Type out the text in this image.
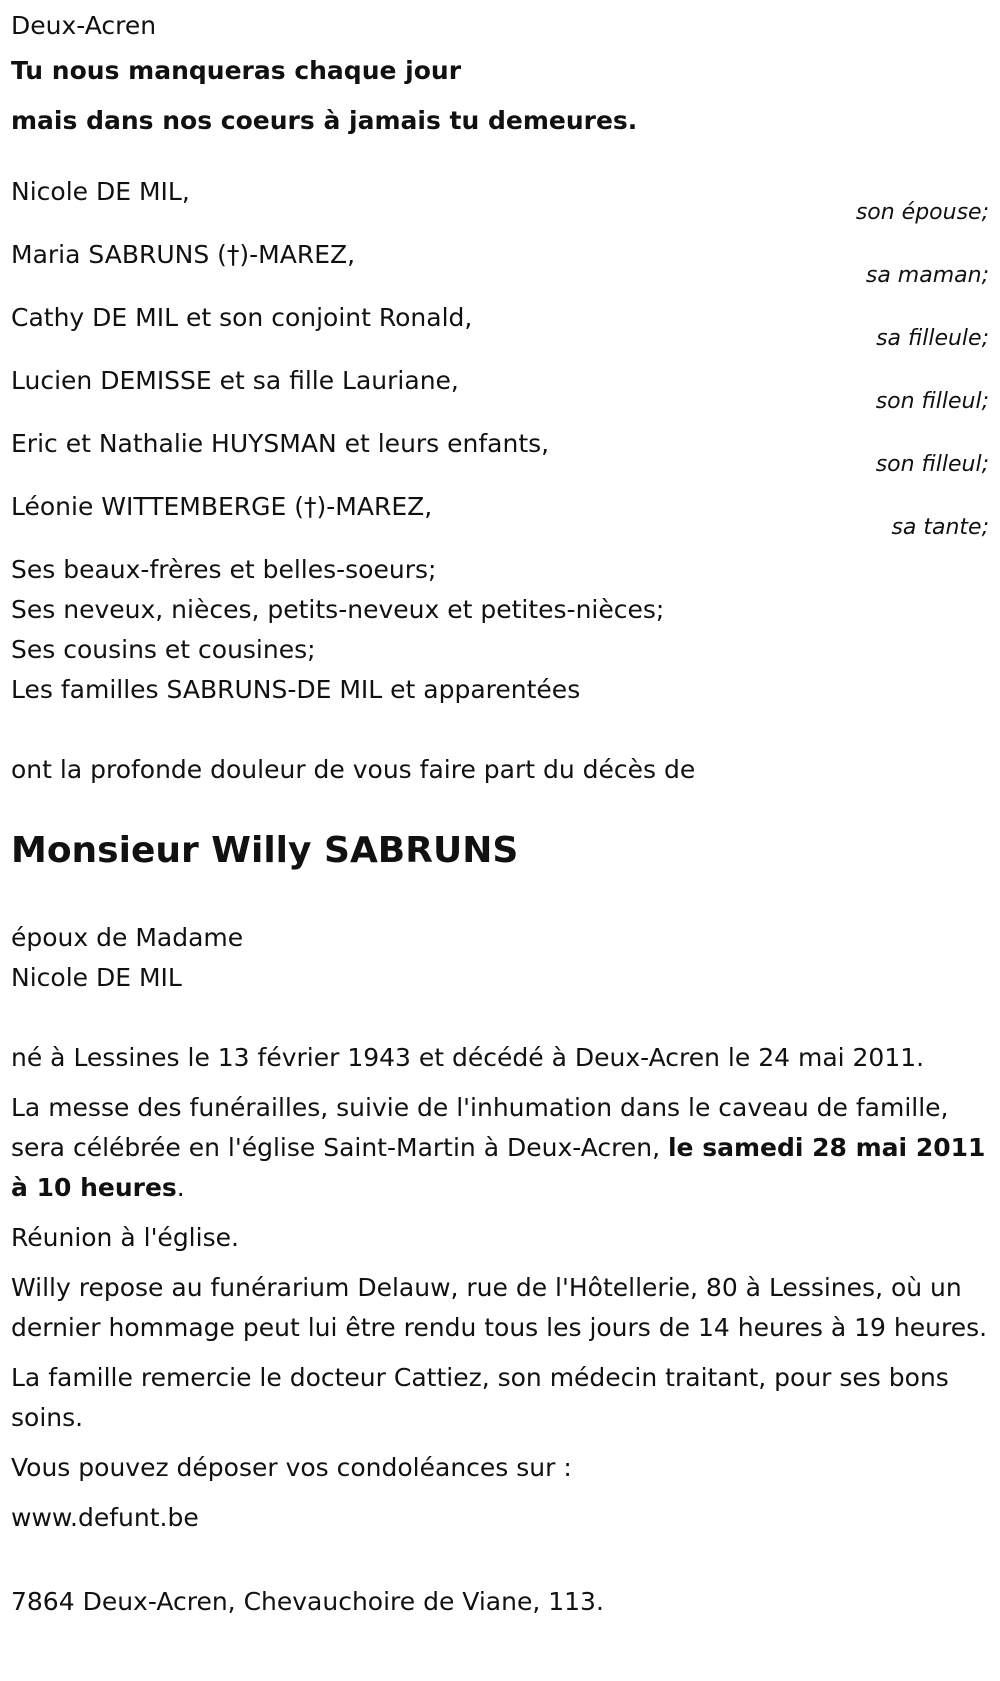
Deux-Acren
Tu nous manqueras chaque jour
mais dans nos coeurs à jamais tu demeures.
Nicole DE MIL,
son épouse;
Maria SABRUNS (†)-MAREZ,
sa maman;
Cathy DE MIL et son conjoint Ronald,
sa filleule;
Lucien DEMISSE et sa fille Lauriane,
son filleul;
Eric et Nathalie HUYSMAN et leurs enfants,
son filleul;
Léonie WITTEMBERGE (†)-MAREZ,
sa tante;
Ses beaux-frères et belles-soeurs;
Ses neveux, nièces, petits-neveux et petites-nièces;
Ses cousins et cousines;
Les familles SABRUNS-DE MIL et apparentées
ont la profonde douleur de vous faire part du décès de
Monsieur Willy SABRUNS
époux de Madame
Nicole DE MIL

né à Lessines le 13 février 1943 et décédé à Deux-Acren le 24 mai 2011.

La messe des funérailles, suivie de l'inhumation dans le caveau de famille, sera célébrée en l'église Saint-Martin à Deux-Acren, le samedi 28 mai 2011 à 10 heures.

Réunion à l'église.

Willy repose au funérarium Delauw, rue de l'Hôtellerie, 80 à Lessines, où un dernier hommage peut lui être rendu tous les jours de 14 heures à 19 heures.

La famille remercie le docteur Cattiez, son médecin traitant, pour ses bons soins.

Vous pouvez déposer vos condoléances sur :

www.defunt.be

7864 Deux-Acren, Chevauchoire de Viane, 113.
